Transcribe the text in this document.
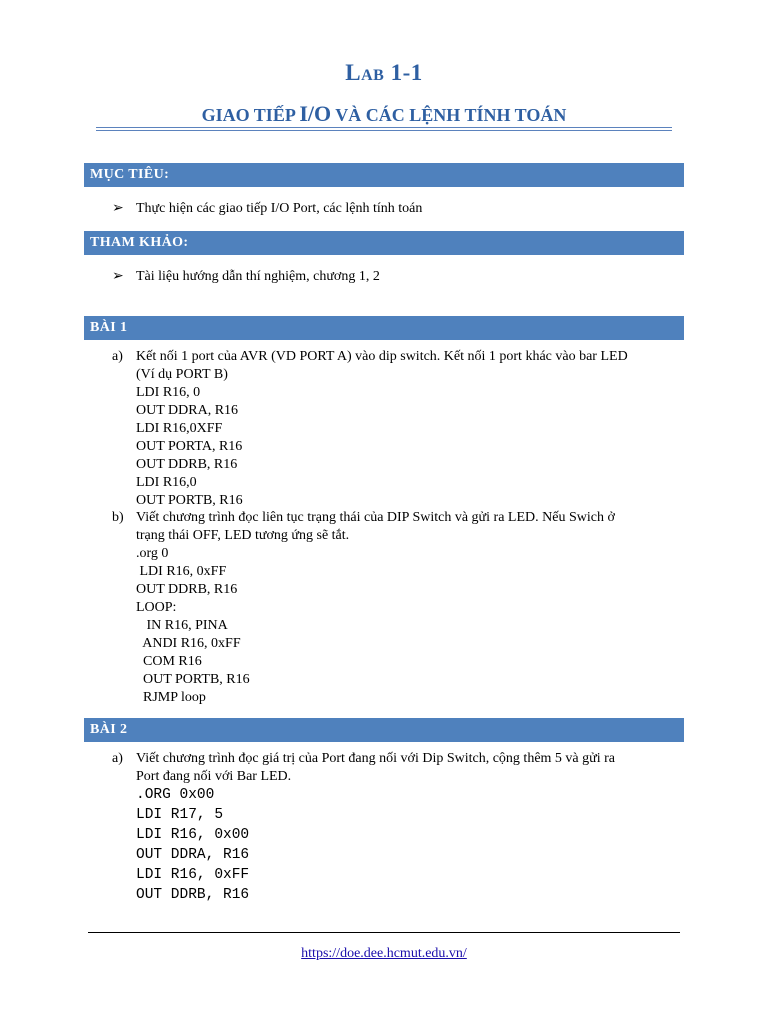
Lab 1-1
GIAO TIẾP I/O VÀ CÁC LỆNH TÍNH TOÁN
MỤC TIÊU:
➢ Thực hiện các giao tiếp I/O Port, các lệnh tính toán
THAM KHẢO:
➢ Tài liệu hướng dẫn thí nghiệm, chương 1, 2
BÀI 1
a) Kết nối 1 port của AVR (VD PORT A) vào dip switch. Kết nối 1 port khác vào bar LED
(Ví dụ PORT B)
LDI R16, 0
OUT DDRA, R16
LDI R16,0XFF
OUT PORTA, R16
OUT DDRB, R16
LDI R16,0
OUT PORTB, R16
b) Viết chương trình đọc liên tục trạng thái của DIP Switch và gửi ra LED. Nếu Swich ở
trạng thái OFF, LED tương ứng sẽ tắt.
.org 0
LDI R16, 0xFF
OUT DDRB, R16
LOOP:
IN R16, PINA
ANDI R16, 0xFF
COM R16
OUT PORTB, R16
RJMP loop
BÀI 2
a) Viết chương trình đọc giá trị của Port đang nối với Dip Switch, cộng thêm 5 và gửi ra
Port đang nối với Bar LED.
.ORG 0x00
LDI R17, 5
LDI R16, 0x00
OUT DDRA, R16
LDI R16, 0xFF
OUT DDRB, R16
https://doe.dee.hcmut.edu.vn/
